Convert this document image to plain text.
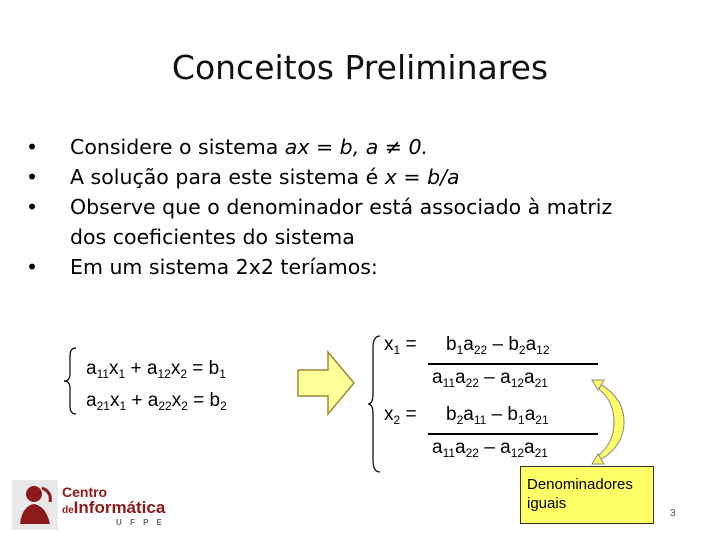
Conceitos Preliminares
•	Considere o sistema ax = b, a ≠ 0.
•	A solução para este sistema é x = b/a
•	Observe que o denominador está associado à matriz
dos coeficientes do sistema
•	Em um sistema 2x2 teríamos:
$a_{11}x_1 + a_{12}x_2 = b_1$
$a_{21}x_1 + a_{22}x_2 = b_2$
$x_1 = b_1a_{22} - b_2a_{12}$
$a_{11}a_{22} - a_{12}a_{21}$
$x_2 = b_2a_{11} - b_1a_{21}$
$a_{11}a_{22} - a_{12}a_{21}$
Denominadores
iguais
Centro
deInformática
U F P E
3
